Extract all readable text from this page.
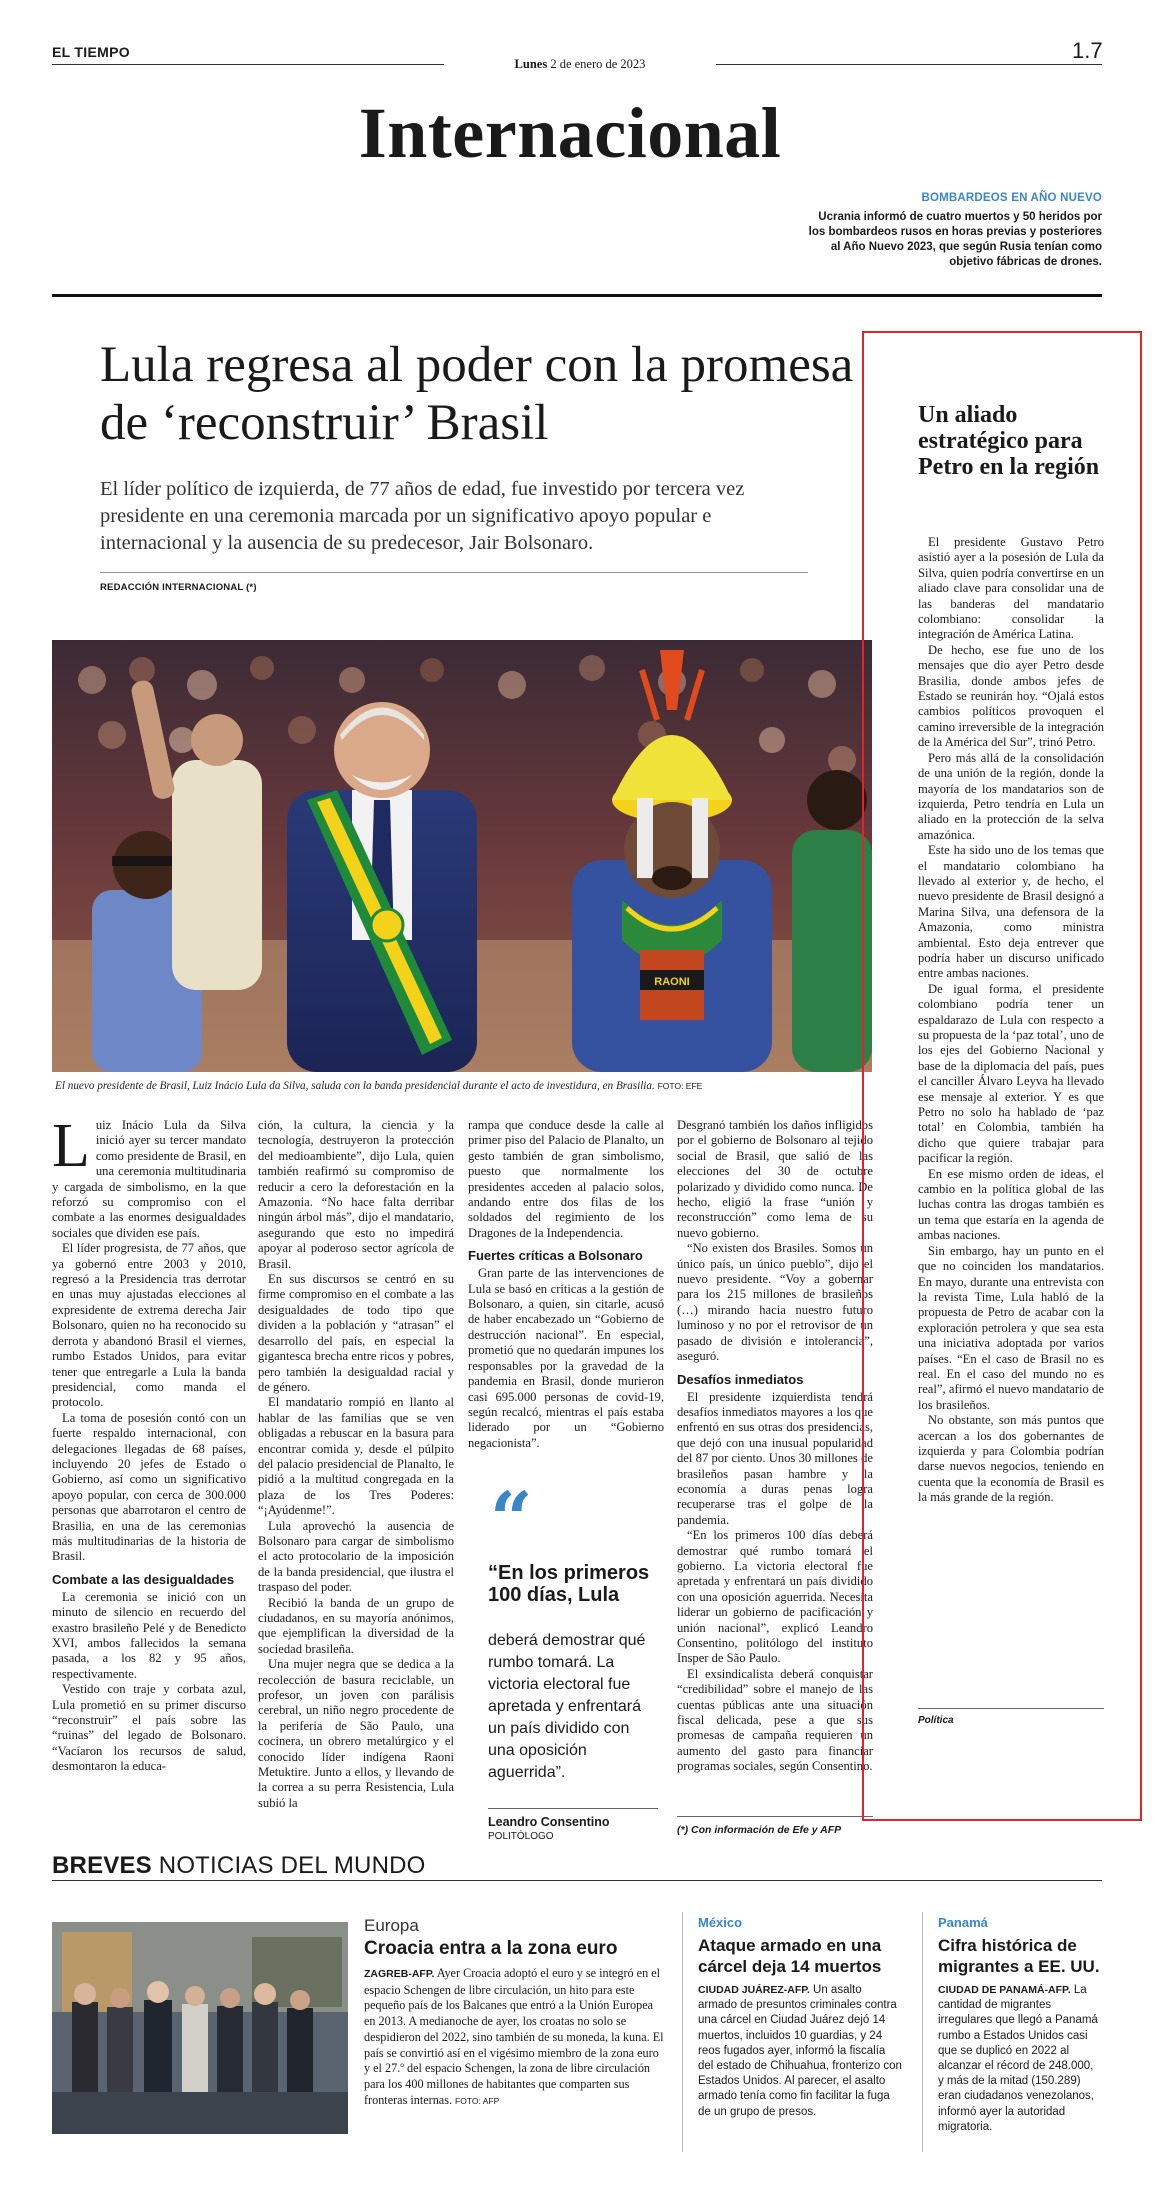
EL TIEMPO
Lunes 2 de enero de 2023
1.7
Internacional
BOMBARDEOS EN AÑO NUEVO
Ucrania informó de cuatro muertos y 50 heridos por los bombardeos rusos en horas previas y posteriores al Año Nuevo 2023, que según Rusia tenían como objetivo fábricas de drones.
Lula regresa al poder con la promesa de ‘reconstruir’ Brasil
El líder político de izquierda, de 77 años de edad, fue investido por tercera vez presidente en una ceremonia marcada por un significativo apoyo popular e internacional y la ausencia de su predecesor, Jair Bolsonaro.
REDACCIÓN INTERNACIONAL (*)
RAONI
El nuevo presidente de Brasil, Luiz Inácio Lula da Silva, saluda con la banda presidencial durante el acto de investidura, en Brasilia. FOTO: EFE
L uiz Inácio Lula da Silva inició ayer su tercer mandato como presidente de Brasil, en una ceremonia multitudinaria y cargada de simbolismo, en la que reforzó su compromiso con el combate a las enormes desigualdades sociales que dividen ese país.

El líder progresista, de 77 años, que ya gobernó entre 2003 y 2010, regresó a la Presidencia tras derrotar en unas muy ajustadas elecciones al expresidente de extrema derecha Jair Bolsonaro, quien no ha reconocido su derrota y abandonó Brasil el viernes, rumbo Estados Unidos, para evitar tener que entregarle a Lula la banda presidencial, como manda el protocolo.

La toma de posesión contó con un fuerte respaldo internacional, con delegaciones llegadas de 68 países, incluyendo 20 jefes de Estado o Gobierno, así como un significativo apoyo popular, con cerca de 300.000 personas que abarrotaron el centro de Brasilia, en una de las ceremonias más multitudinarias de la historia de Brasil.

Combate a las desigualdades

La ceremonia se inició con un minuto de silencio en recuerdo del exastro brasileño Pelé y de Benedicto XVI, ambos fallecidos la semana pasada, a los 82 y 95 años, respectivamente.

Vestido con traje y corbata azul, Lula prometió en su primer discurso “reconstruir” el país sobre las “ruinas” del legado de Bolsonaro. “Vacíaron los recursos de salud, desmontaron la educa-

ción, la cultura, la ciencia y la tecnología, destruyeron la protección del medioambiente”, dijo Lula, quien también reafirmó su compromiso de reducir a cero la deforestación en la Amazonia. “No hace falta derribar ningún árbol más”, dijo el mandatario, asegurando que esto no impedirá apoyar al poderoso sector agrícola de Brasil.

En sus discursos se centró en su firme compromiso en el combate a las desigualdades de todo tipo que dividen a la población y “atrasan” el desarrollo del país, en especial la gigantesca brecha entre ricos y pobres, pero también la desigualdad racial y de género.

El mandatario rompió en llanto al hablar de las familias que se ven obligadas a rebuscar en la basura para encontrar comida y, desde el púlpito del palacio presidencial de Planalto, le pidió a la multitud congregada en la plaza de los Tres Poderes: “¡Ayúdenme!”.

Lula aprovechó la ausencia de Bolsonaro para cargar de simbolismo el acto protocolario de la imposición de la banda presidencial, que ilustra el traspaso del poder.

Recibió la banda de un grupo de ciudadanos, en su mayoría anónimos, que ejemplifican la diversidad de la sociedad brasileña.

Una mujer negra que se dedica a la recolección de basura reciclable, un profesor, un joven con parálisis cerebral, un niño negro procedente de la periferia de São Paulo, una cocinera, un obrero metalúrgico y el conocido líder indígena Raoni Metuktire. Junto a ellos, y llevando de la correa a su perra Resistencia, Lula subió la

rampa que conduce desde la calle al primer piso del Palacio de Planalto, un gesto también de gran simbolismo, puesto que normalmente los presidentes acceden al palacio solos, andando entre dos filas de los soldados del regimiento de los Dragones de la Independencia.

Fuertes críticas a Bolsonaro

Gran parte de las intervenciones de Lula se basó en críticas a la gestión de Bolsonaro, a quien, sin citarle, acusó de haber encabezado un “Gobierno de destrucción nacional”. En especial, prometió que no quedarán impunes los responsables por la gravedad de la pandemia en Brasil, donde murieron casi 695.000 personas de covid-19, según recalcó, mientras el país estaba liderado por un “Gobierno negacionista”.

“
“En los primeros 100 días, Lula
deberá demostrar qué rumbo tomará. La victoria electoral fue apretada y enfrentará un país dividido con una oposición aguerrida”.
Leandro Consentino
POLITÓLOGO

Desgranó también los daños infligidos por el gobierno de Bolsonaro al tejido social de Brasil, que salió de las elecciones del 30 de octubre polarizado y dividido como nunca. De hecho, eligió la frase “unión y reconstrucción” como lema de su nuevo gobierno.

“No existen dos Brasiles. Somos un único país, un único pueblo”, dijo el nuevo presidente. “Voy a gobernar para los 215 millones de brasileños (…) mirando hacia nuestro futuro luminoso y no por el retrovisor de un pasado de división e intolerancia”, aseguró.

Desafíos inmediatos

El presidente izquierdista tendrá desafíos inmediatos mayores a los que enfrentó en sus otras dos presidencias, que dejó con una inusual popularidad del 87 por ciento. Unos 30 millones de brasileños pasan hambre y la economía a duras penas logra recuperarse tras el golpe de la pandemia.

“En los primeros 100 días deberá demostrar qué rumbo tomará el gobierno. La victoria electoral fue apretada y enfrentará un país dividido con una oposición aguerrida. Necesita liderar un gobierno de pacificación y unión nacional”, explicó Leandro Consentino, politólogo del instituto Insper de São Paulo.

El exsindicalista deberá conquistar “credibilidad” sobre el manejo de las cuentas públicas ante una situación fiscal delicada, pese a que sus promesas de campaña requieren un aumento del gasto para financiar programas sociales, según Consentino.

(*) Con información de Efe y AFP
Un aliado estratégico para Petro en la región

El presidente Gustavo Petro asistió ayer a la posesión de Lula da Silva, quien podría convertirse en un aliado clave para consolidar una de las banderas del mandatario colombiano: consolidar la integración de América Latina.

De hecho, ese fue uno de los mensajes que dio ayer Petro desde Brasilia, donde ambos jefes de Estado se reunirán hoy. “Ojalá estos cambios políticos provoquen el camino irreversible de la integración de la América del Sur”, trinó Petro.

Pero más allá de la consolidación de una unión de la región, donde la mayoría de los mandatarios son de izquierda, Petro tendría en Lula un aliado en la protección de la selva amazónica.

Este ha sido uno de los temas que el mandatario colombiano ha llevado al exterior y, de hecho, el nuevo presidente de Brasil designó a Marina Silva, una defensora de la Amazonia, como ministra ambiental. Esto deja entrever que podría haber un discurso unificado entre ambas naciones.

De igual forma, el presidente colombiano podría tener un espaldarazo de Lula con respecto a su propuesta de la ‘paz total’, uno de los ejes del Gobierno Nacional y base de la diplomacia del país, pues el canciller Álvaro Leyva ha llevado ese mensaje al exterior. Y es que Petro no solo ha hablado de ‘paz total’ en Colombia, también ha dicho que quiere trabajar para pacificar la región.

En ese mismo orden de ideas, el cambio en la política global de las luchas contra las drogas también es un tema que estaría en la agenda de ambas naciones.

Sin embargo, hay un punto en el que no coinciden los mandatarios. En mayo, durante una entrevista con la revista Time, Lula habló de la propuesta de Petro de acabar con la exploración petrolera y que sea esta una iniciativa adoptada por varios países. “En el caso de Brasil no es real. En el caso del mundo no es real”, afirmó el nuevo mandatario de los brasileños.

No obstante, son más puntos que acercan a los dos gobernantes de izquierda y para Colombia podrían darse nuevos negocios, teniendo en cuenta que la economía de Brasil es la más grande de la región.

Política
BREVES NOTICIAS DEL MUNDO
Europa
Croacia entra a la zona euro
ZAGREB-AFP. Ayer Croacia adoptó el euro y se integró en el espacio Schengen de libre circulación, un hito para este pequeño país de los Balcanes que entró a la Unión Europea en 2013. A medianoche de ayer, los croatas no solo se despidieron del 2022, sino también de su moneda, la kuna. El país se convirtió así en el vigésimo miembro de la zona euro y el 27.º del espacio Schengen, la zona de libre circulación para los 400 millones de habitantes que comparten sus fronteras internas. FOTO: AFP
México
Ataque armado en una cárcel deja 14 muertos
CIUDAD JUÁREZ-AFP. Un asalto armado de presuntos criminales contra una cárcel en Ciudad Juárez dejó 14 muertos, incluidos 10 guardias, y 24 reos fugados ayer, informó la fiscalía del estado de Chihuahua, fronterizo con Estados Unidos. Al parecer, el asalto armado tenía como fin facilitar la fuga de un grupo de presos.
Panamá
Cifra histórica de migrantes a EE. UU.
CIUDAD DE PANAMÁ-AFP. La cantidad de migrantes irregulares que llegó a Panamá rumbo a Estados Unidos casi que se duplicó en 2022 al alcanzar el récord de 248.000, y más de la mitad (150.289) eran ciudadanos venezolanos, informó ayer la autoridad migratoria.
